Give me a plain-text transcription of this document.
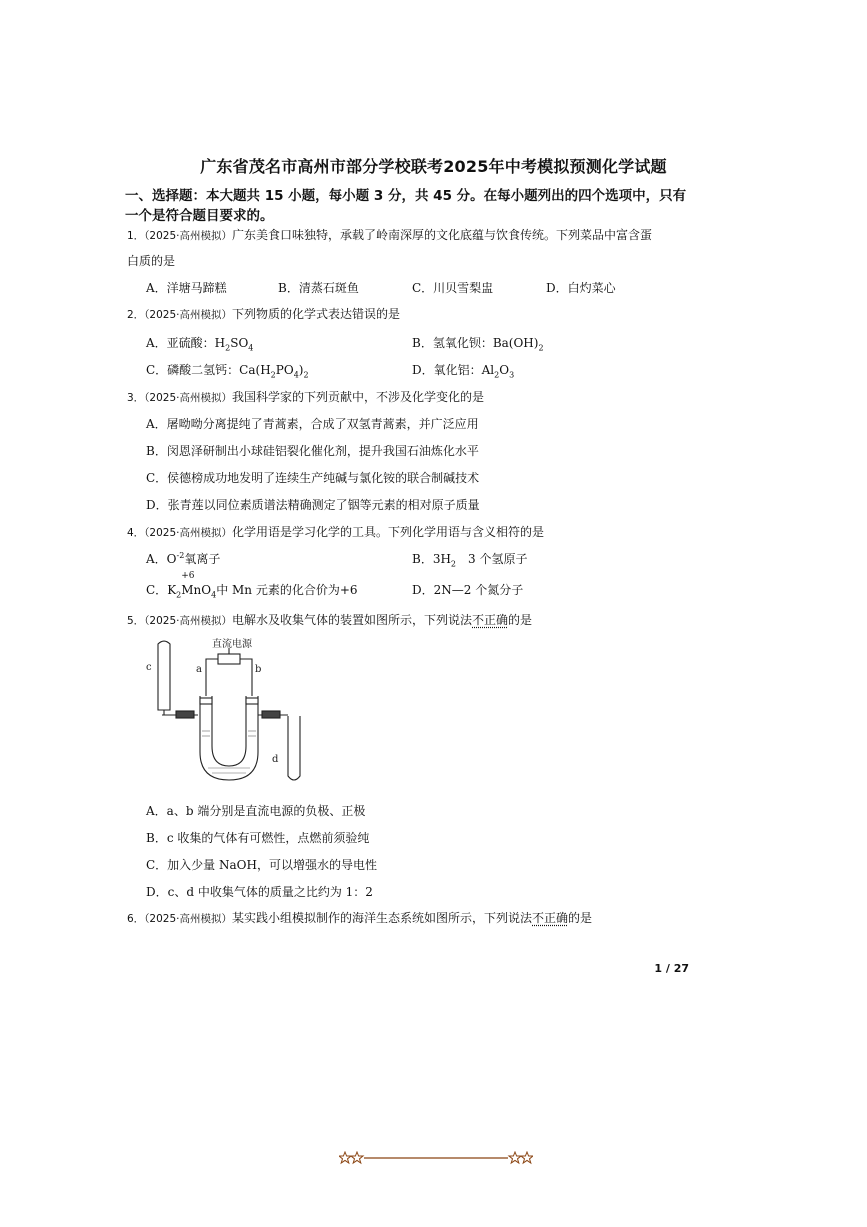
广东省茂名市高州市部分学校联考2025年中考模拟预测化学试题
一、选择题：本大题共 15 小题，每小题 3 分，共 45 分。在每小题列出的四个选项中，只有
一个是符合题目要求的。
1．（2025·高州模拟）广东美食口味独特，承载了岭南深厚的文化底蕴与饮食传统。下列菜品中富含蛋
白质的是
A．洋塘马蹄糕	B．清蒸石斑鱼	C．川贝雪梨盅	D．白灼菜心
2．（2025·高州模拟）下列物质的化学式表达错误的是
A．亚硫酸：$H_2SO_4$	B．氢氧化钡：$Ba(OH)_2$
C．磷酸二氢钙：$Ca(H_2PO_4)_2$	D．氧化铝：$Al_2O_3$
3．（2025·高州模拟）我国科学家的下列贡献中，不涉及化学变化的是
A．屠呦呦分离提纯了青蒿素，合成了双氢青蒿素，并广泛应用
B．闵恩泽研制出小球硅铝裂化催化剂，提升我国石油炼化水平
C．侯德榜成功地发明了连续生产纯碱与氯化铵的联合制碱技术
D．张青莲以同位素质谱法精确测定了铟等元素的相对原子质量
4．（2025·高州模拟）化学用语是学习化学的工具。下列化学用语与含义相符的是
A．$O^{-2}$氧离子	B．$3H_2$　3 个氢原子
C．
+6
$K_2MnO_4$中 Mn 元素的化合价为+6	D．2N—2 个氮分子
5．（2025·高州模拟）电解水及收集气体的装置如图所示，下列说法不正确的是
直流电源
a	b
c
d
A．a、b 端分别是直流电源的负极、正极
B．c 收集的气体有可燃性，点燃前须验纯
C．加入少量 NaOH，可以增强水的导电性
D．c、d 中收集气体的质量之比约为 1：2
6．（2025·高州模拟）某实践小组模拟制作的海洋生态系统如图所示，下列说法不正确的是
1 / 27
